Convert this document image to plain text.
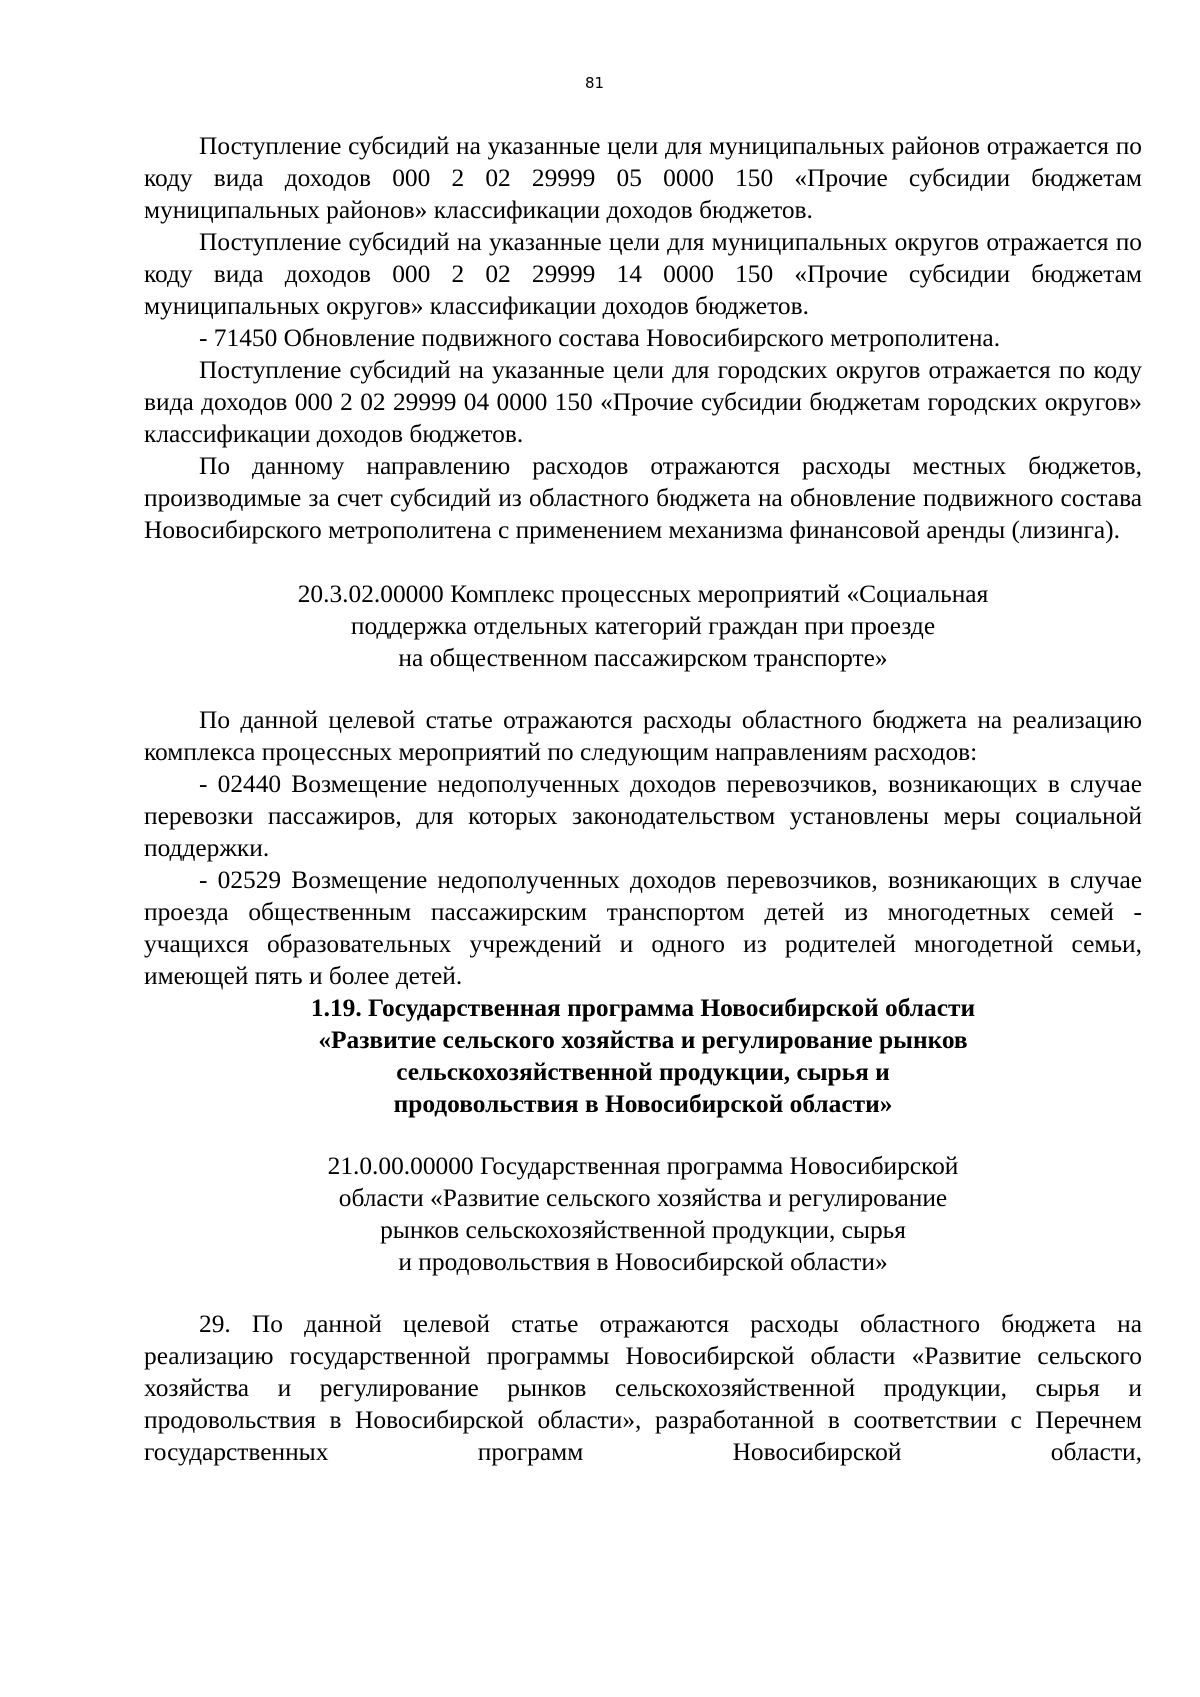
81

Поступление субсидий на указанные цели для муниципальных районов отражается по коду вида доходов 000 2 02 29999 05 0000 150 «Прочие субсидии бюджетам муниципальных районов» классификации доходов бюджетов.

Поступление субсидий на указанные цели для муниципальных округов отражается по коду вида доходов 000 2 02 29999 14 0000 150 «Прочие субсидии бюджетам муниципальных округов» классификации доходов бюджетов.

- 71450 Обновление подвижного состава Новосибирского метрополитена.

Поступление субсидий на указанные цели для городских округов отражается по коду вида доходов 000 2 02 29999 04 0000 150 «Прочие субсидии бюджетам городских округов» классификации доходов бюджетов.

По данному направлению расходов отражаются расходы местных бюджетов, производимые за счет субсидий из областного бюджета на обновление подвижного состава Новосибирского метрополитена с применением механизма финансовой аренды (лизинга).

20.3.02.00000 Комплекс процессных мероприятий «Социальная
поддержка отдельных категорий граждан при проезде
на общественном пассажирском транспорте»

По данной целевой статье отражаются расходы областного бюджета на реализацию комплекса процессных мероприятий по следующим направлениям расходов:

- 02440 Возмещение недополученных доходов перевозчиков, возникающих в случае перевозки пассажиров, для которых законодательством установлены меры социальной поддержки.

- 02529 Возмещение недополученных доходов перевозчиков, возникающих в случае проезда общественным пассажирским транспортом детей из многодетных семей - учащихся образовательных учреждений и одного из родителей многодетной семьи, имеющей пять и более детей.

1.19. Государственная программа Новосибирской области
«Развитие сельского хозяйства и регулирование рынков
сельскохозяйственной продукции, сырья и
продовольствия в Новосибирской области»
21.0.00.00000 Государственная программа Новосибирской
области «Развитие сельского хозяйства и регулирование
рынков сельскохозяйственной продукции, сырья
и продовольствия в Новосибирской области»

29. По данной целевой статье отражаются расходы областного бюджета на реализацию государственной программы Новосибирской области «Развитие сельского хозяйства и регулирование рынков сельскохозяйственной продукции, сырья и продовольствия в Новосибирской области», разработанной в соответствии с Перечнем государственных программ Новосибирской области,
